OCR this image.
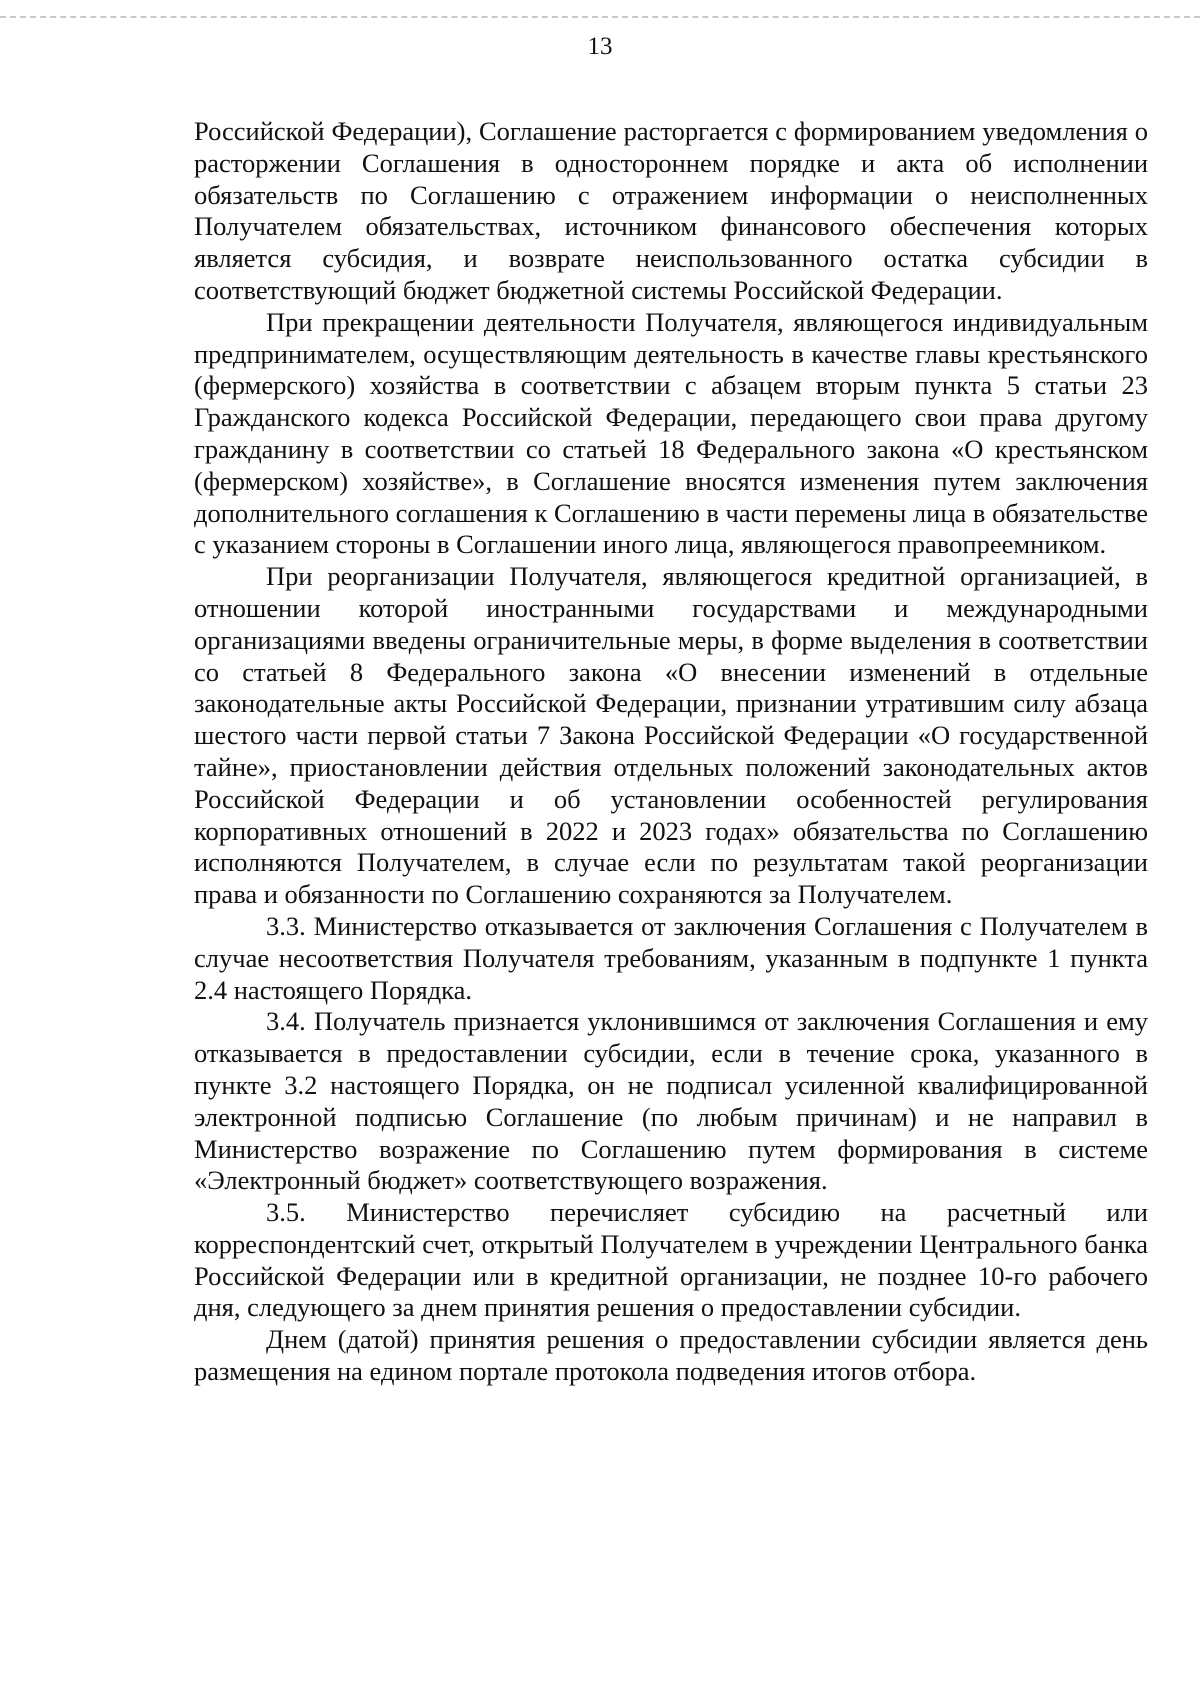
13

Российской Федерации), Соглашение расторгается с формированием уведомления о расторжении Соглашения в одностороннем порядке и акта об исполнении обязательств по Соглашению с отражением информации о неисполненных Получателем обязательствах, источником финансового обеспечения которых является субсидия, и возврате неиспользованного остатка субсидии в соответствующий бюджет бюджетной системы Российской Федерации.

При прекращении деятельности Получателя, являющегося индивидуальным предпринимателем, осуществляющим деятельность в качестве главы крестьянского (фермерского) хозяйства в соответствии с абзацем вторым пункта 5 статьи 23 Гражданского кодекса Российской Федерации, передающего свои права другому гражданину в соответствии со статьей 18 Федерального закона «О крестьянском (фермерском) хозяйстве», в Соглашение вносятся изменения путем заключения дополнительного соглашения к Соглашению в части перемены лица в обязательстве с указанием стороны в Соглашении иного лица, являющегося правопреемником.

При реорганизации Получателя, являющегося кредитной организацией, в отношении которой иностранными государствами и международными организациями введены ограничительные меры, в форме выделения в соответствии со статьей 8 Федерального закона «О внесении изменений в отдельные законодательные акты Российской Федерации, признании утратившим силу абзаца шестого части первой статьи 7 Закона Российской Федерации «О государственной тайне», приостановлении действия отдельных положений законодательных актов Российской Федерации и об установлении особенностей регулирования корпоративных отношений в 2022 и 2023 годах» обязательства по Соглашению исполняются Получателем, в случае если по результатам такой реорганизации права и обязанности по Соглашению сохраняются за Получателем.

3.3. Министерство отказывается от заключения Соглашения с Получателем в случае несоответствия Получателя требованиям, указанным в подпункте 1 пункта 2.4 настоящего Порядка.

3.4. Получатель признается уклонившимся от заключения Соглашения и ему отказывается в предоставлении субсидии, если в течение срока, указанного в пункте 3.2 настоящего Порядка, он не подписал усиленной квалифицированной электронной подписью Соглашение (по любым причинам) и не направил в Министерство возражение по Соглашению путем формирования в системе «Электронный бюджет» соответствующего возражения.

3.5. Министерство перечисляет субсидию на расчетный или корреспондентский счет, открытый Получателем в учреждении Центрального банка Российской Федерации или в кредитной организации, не позднее 10-го рабочего дня, следующего за днем принятия решения о предоставлении субсидии.

Днем (датой) принятия решения о предоставлении субсидии является день размещения на едином портале протокола подведения итогов отбора.
